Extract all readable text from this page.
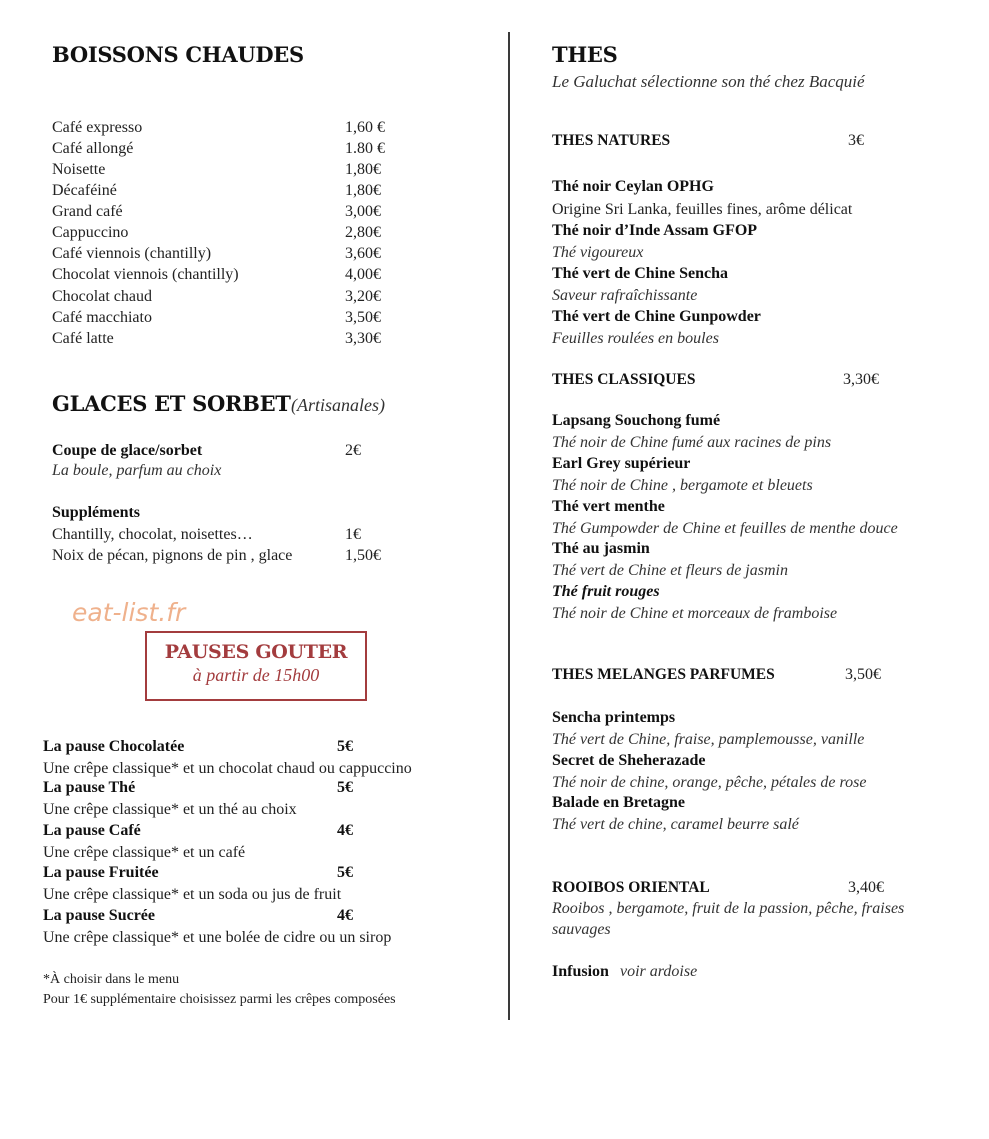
BOISSONS CHAUDES
Café expresso	1,60 €
Café allongé	1.80 €
Noisette	1,80€
Décaféiné	1,80€
Grand café	3,00€
Cappuccino	2,80€
Café viennois (chantilly)	3,60€
Chocolat viennois (chantilly)	4,00€
Chocolat chaud	3,20€
Café macchiato	3,50€
Café latte	3,30€
GLACES ET SORBET (Artisanales)
Coupe de glace/sorbet	2€
La boule, parfum au choix
Suppléments
Chantilly, chocolat, noisettes…	1€
Noix de pécan, pignons de pin , glace	1,50€
eat-list.fr
PAUSES GOUTER
à partir de 15h00
La pause Chocolatée	5€
Une crêpe classique* et un chocolat chaud ou cappuccino
La pause Thé	5€
Une crêpe classique* et un thé au choix
La pause Café	4€
Une crêpe classique* et un café
La pause Fruitée	5€
Une crêpe classique* et un soda ou jus de fruit
La pause Sucrée	4€
Une crêpe classique* et une bolée de cidre ou un sirop
*À choisir dans le menu
Pour 1€ supplémentaire choisissez parmi les crêpes composées
THES
Le Galuchat sélectionne son thé chez Bacquié
THES NATURES	3€
Thé noir Ceylan OPHG
Origine Sri Lanka, feuilles fines, arôme délicat
Thé noir d’Inde Assam GFOP
Thé vigoureux
Thé vert de Chine Sencha
Saveur rafraîchissante
Thé vert de Chine Gunpowder
Feuilles roulées en boules
THES CLASSIQUES	3,30€
Lapsang Souchong fumé
Thé noir de Chine fumé aux racines de pins
Earl Grey supérieur
Thé noir de Chine , bergamote et bleuets
Thé vert menthe
Thé Gumpowder de Chine et feuilles de menthe douce
Thé au jasmin
Thé vert de Chine et fleurs de jasmin
Thé fruit rouges
Thé noir de Chine et morceaux de framboise
THES MELANGES PARFUMES	3,50€
Sencha printemps
Thé vert de Chine, fraise, pamplemousse, vanille
Secret de Sheherazade
Thé noir de chine, orange, pêche, pétales de rose
Balade en Bretagne
Thé vert de chine, caramel beurre salé
ROOIBOS ORIENTAL	3,40€
Rooibos , bergamote, fruit de la passion, pêche, fraises
sauvages
Infusion voir ardoise
